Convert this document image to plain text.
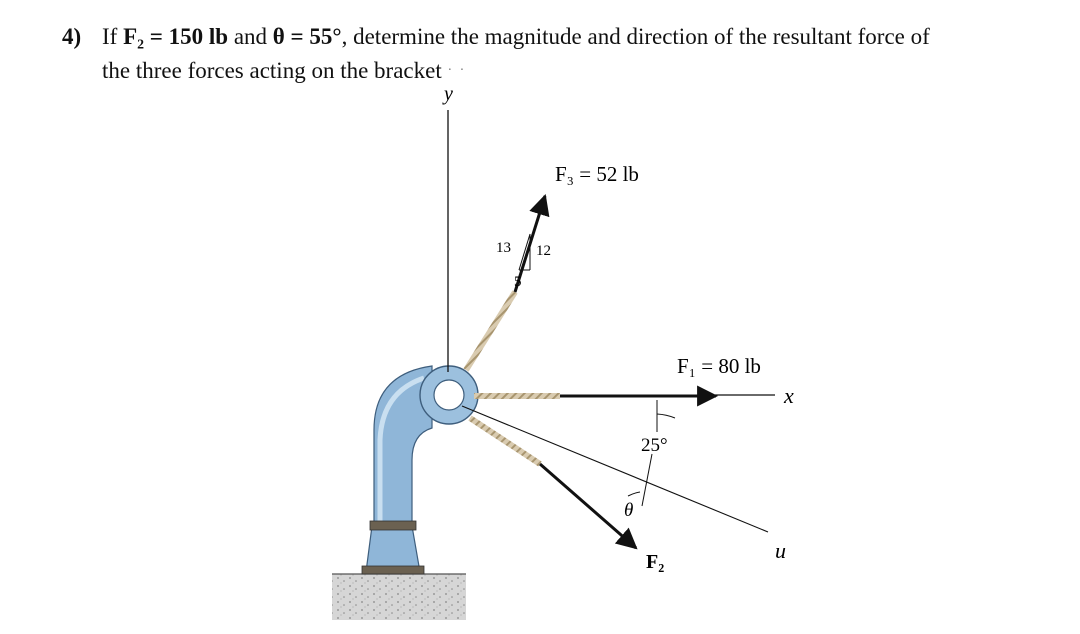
4) If F₂ = 150 lb and θ = 55°, determine the magnitude and direction of the resultant force of
the three forces acting on the bracket · ·
y
x
u
F₃ = 52 lb
F₁ = 80 lb
F₂
13 12
5
25°
θ
